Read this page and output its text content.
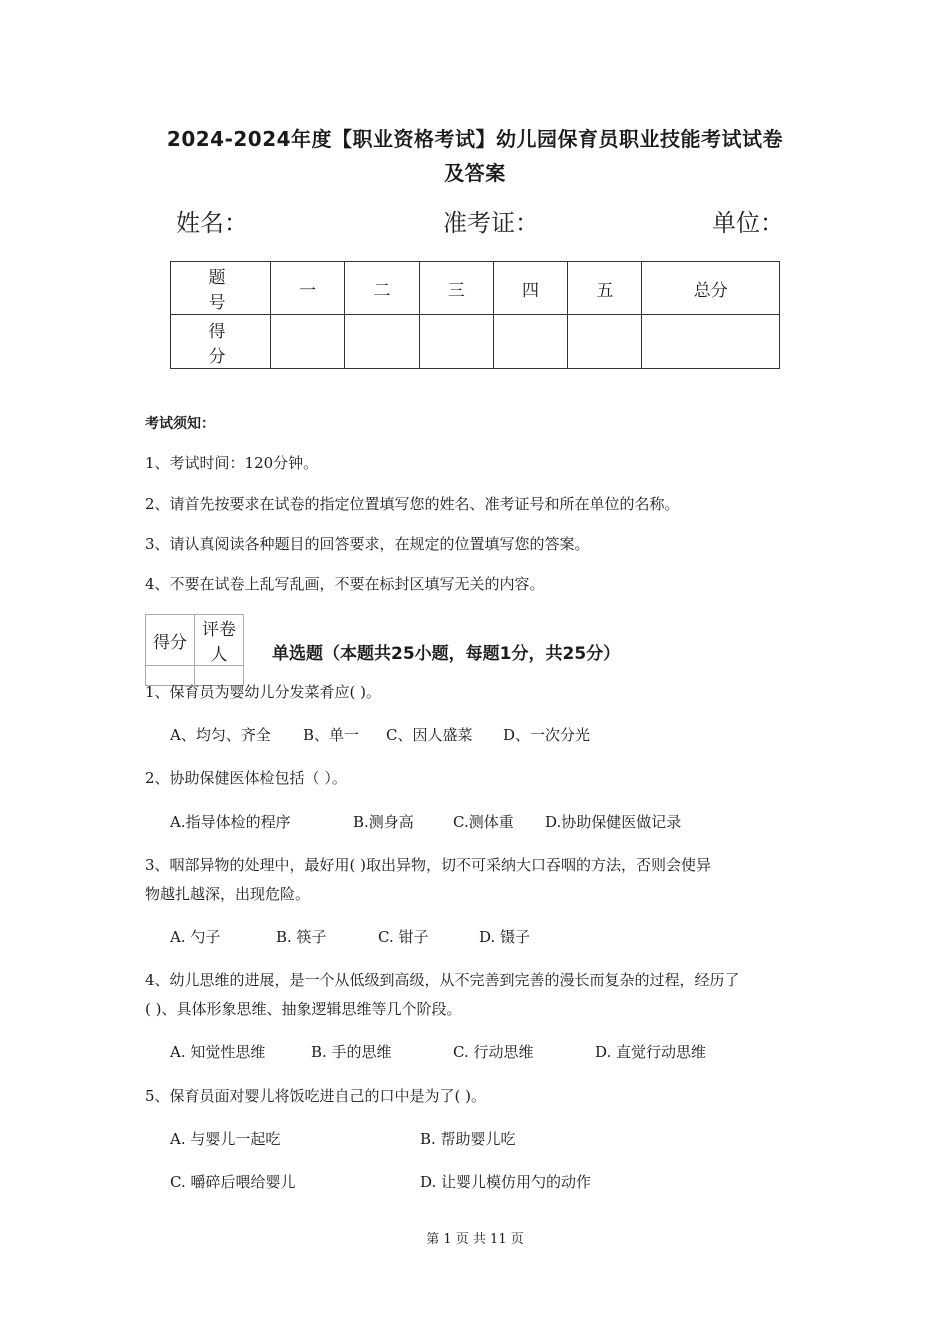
2024-2024年度【职业资格考试】幼儿园保育员职业技能考试试卷
及答案
姓名：	准考证：	单位：
题 号	一	二	三	四	五	总分
得 分						
考试须知：
1、考试时间：120分钟。
2、请首先按要求在试卷的指定位置填写您的姓名、准考证号和所在单位的名称。
3、请认真阅读各种题目的回答要求，在规定的位置填写您的答案。
4、不要在试卷上乱写乱画，不要在标封区填写无关的内容。
得分	评卷人
		单选题（本题共25小题，每题1分，共25分）
1、保育员为婴幼儿分发菜肴应( )。
A、均匀、齐全 B、单一 C、因人盛菜 D、一次分光
2、协助保健医体检包括（ ）。
A.指导体检的程序	B.测身高	C.测体重 D.协助保健医做记录
3、咽部异物的处理中，最好用( )取出异物，切不可采纳大口吞咽的方法，否则会使异
物越扎越深，出现危险。
A. 勺子	B. 筷子	C. 钳子	D. 镊子
4、幼儿思维的进展，是一个从低级到高级，从不完善到完善的漫长而复杂的过程，经历了
( )、具体形象思维、抽象逻辑思维等几个阶段。
A. 知觉性思维	B. 手的思维	C. 行动思维	D. 直觉行动思维
5、保育员面对婴儿将饭吃进自己的口中是为了( )。
A. 与婴儿一起吃	B. 帮助婴儿吃
C. 嚼碎后喂给婴儿	D. 让婴儿模仿用勺的动作
第 1 页 共 11 页
